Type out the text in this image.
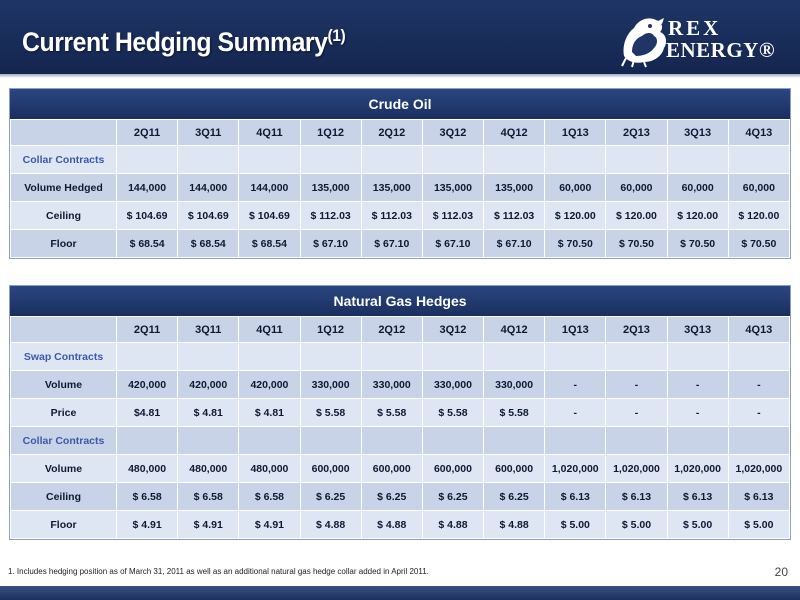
Current Hedging Summary$^{(1)}$	REX
ENERGY®
Crude Oil
	2Q11	3Q11	4Q11	1Q12	2Q12	3Q12	4Q12	1Q13	2Q13	3Q13	4Q13
Collar Contracts											
Volume Hedged	144,000	144,000	144,000	135,000	135,000	135,000	135,000	60,000	60,000	60,000	60,000
Ceiling	$ 104.69	$ 104.69	$ 104.69	$ 112.03	$ 112.03	$ 112.03	$ 112.03	$ 120.00	$ 120.00	$ 120.00	$ 120.00
Floor	$ 68.54	$ 68.54	$ 68.54	$ 67.10	$ 67.10	$ 67.10	$ 67.10	$ 70.50	$ 70.50	$ 70.50	$ 70.50
Natural Gas Hedges
	2Q11	3Q11	4Q11	1Q12	2Q12	3Q12	4Q12	1Q13	2Q13	3Q13	4Q13
Swap Contracts											
Volume	420,000	420,000	420,000	330,000	330,000	330,000	330,000	-	-	-	-
Price	$4.81	$ 4.81	$ 4.81	$ 5.58	$ 5.58	$ 5.58	$ 5.58	-	-	-	-
Collar Contracts											
Volume	480,000	480,000	480,000	600,000	600,000	600,000	600,000	1,020,000	1,020,000	1,020,000	1,020,000
Ceiling	$ 6.58	$ 6.58	$ 6.58	$ 6.25	$ 6.25	$ 6.25	$ 6.25	$ 6.13	$ 6.13	$ 6.13	$ 6.13
Floor	$ 4.91	$ 4.91	$ 4.91	$ 4.88	$ 4.88	$ 4.88	$ 4.88	$ 5.00	$ 5.00	$ 5.00	$ 5.00
1. Includes hedging position as of March 31, 2011 as well as an additional natural gas hedge collar added in April 2011.	20
